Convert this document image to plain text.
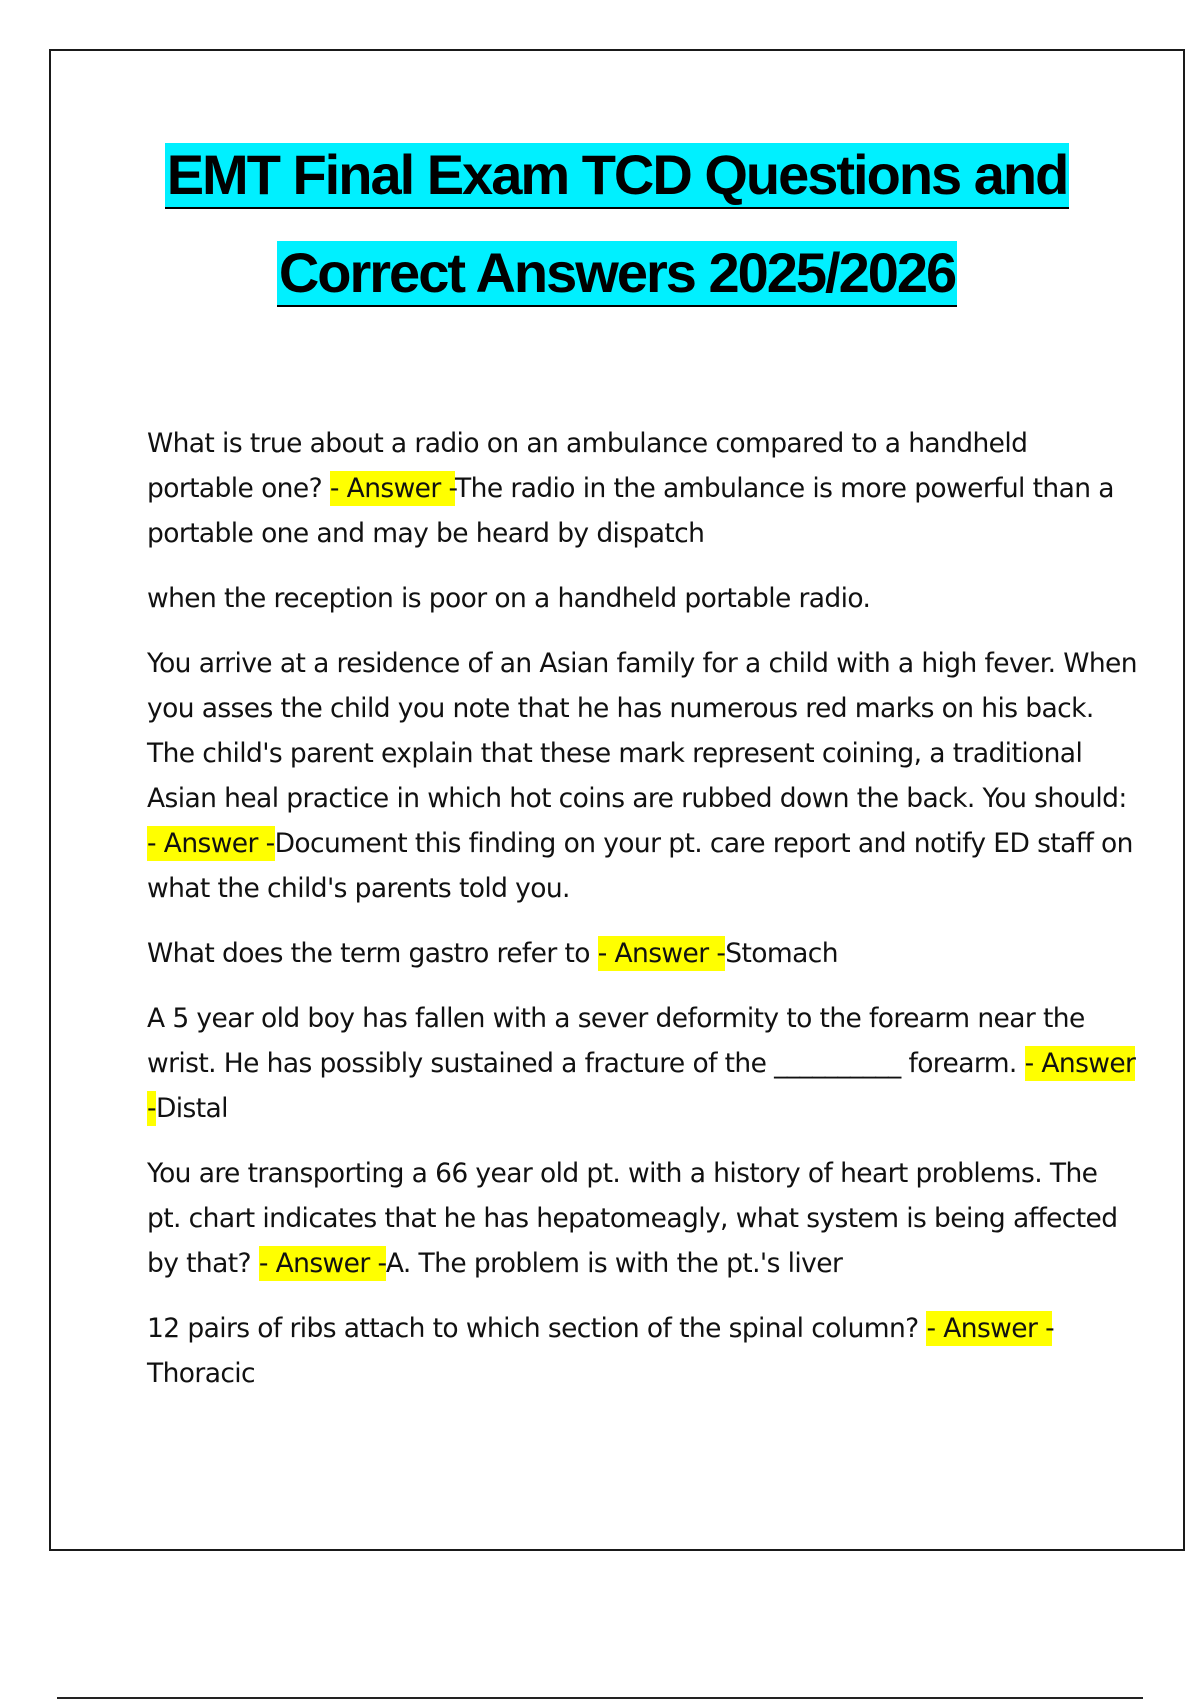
EMT Final Exam TCD Questions and
Correct Answers 2025/2026

What is true about a radio on an ambulance compared to a handheld portable one? - Answer -The radio in the ambulance is more powerful than a portable one and may be heard by dispatch

when the reception is poor on a handheld portable radio.

You arrive at a residence of an Asian family for a child with a high fever. When you asses the child you note that he has numerous red marks on his back. The child's parent explain that these mark represent coining, a traditional Asian heal practice in which hot coins are rubbed down the back. You should: - Answer -Document this finding on your pt. care report and notify ED staff on what the child's parents told you.

What does the term gastro refer to - Answer -Stomach

A 5 year old boy has fallen with a sever deformity to the forearm near the wrist. He has possibly sustained a fracture of the __________ forearm. - Answer -Distal

You are transporting a 66 year old pt. with a history of heart problems. The pt. chart indicates that he has hepatomeagly, what system is being affected by that? - Answer -A. The problem is with the pt.'s liver

12 pairs of ribs attach to which section of the spinal column? - Answer -Thoracic
